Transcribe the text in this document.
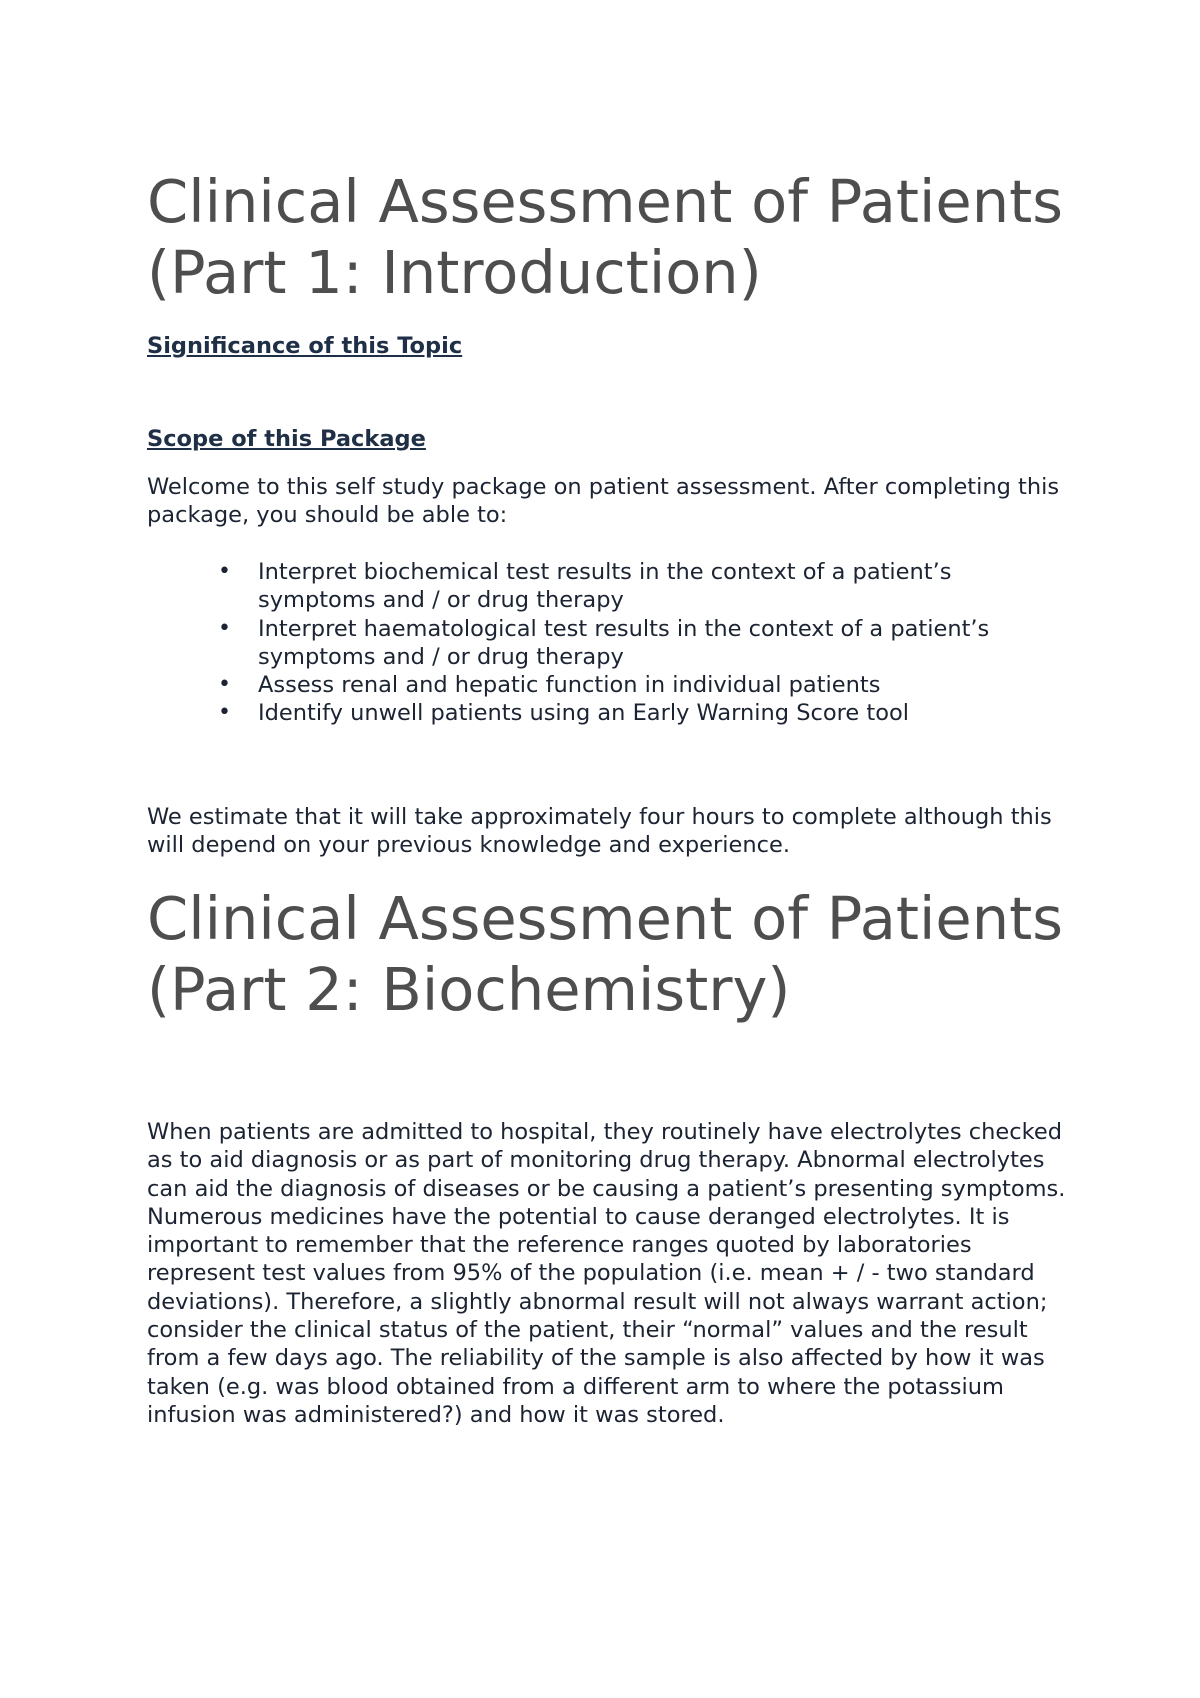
Clinical Assessment of Patients (Part 1: Introduction)
Significance of this Topic
Scope of this Package

Welcome to this self study package on patient assessment. After completing this package, you should be able to:

• Interpret biochemical test results in the context of a patient’s symptoms and / or drug therapy
• Interpret haematological test results in the context of a patient’s symptoms and / or drug therapy
• Assess renal and hepatic function in individual patients
• Identify unwell patients using an Early Warning Score tool

We estimate that it will take approximately four hours to complete although this will depend on your previous knowledge and experience.

Clinical Assessment of Patients (Part 2: Biochemistry)

When patients are admitted to hospital, they routinely have electrolytes checked as to aid diagnosis or as part of monitoring drug therapy. Abnormal electrolytes can aid the diagnosis of diseases or be causing a patient’s presenting symptoms. Numerous medicines have the potential to cause deranged electrolytes. It is important to remember that the reference ranges quoted by laboratories represent test values from 95% of the population (i.e. mean + / - two standard deviations). Therefore, a slightly abnormal result will not always warrant action; consider the clinical status of the patient, their “normal” values and the result from a few days ago. The reliability of the sample is also affected by how it was taken (e.g. was blood obtained from a different arm to where the potassium infusion was administered?) and how it was stored.
